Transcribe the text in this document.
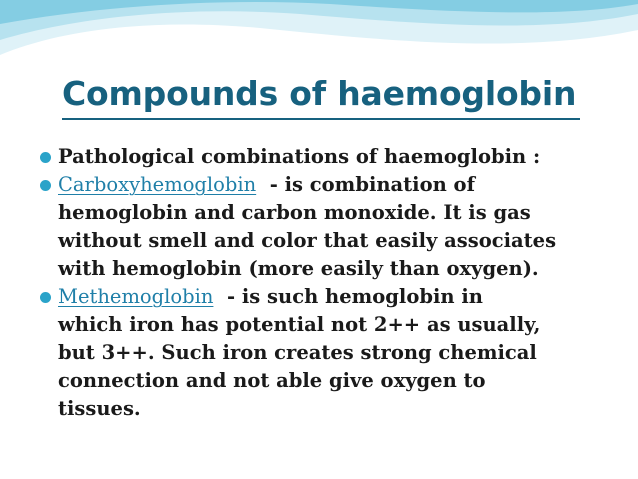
Compounds of haemoglobin
Pathological combinations of haemoglobin :
Carboxyhemoglobin  - is combination of
hemoglobin and carbon monoxide. It is gas
without smell and color that easily associates
with hemoglobin (more easily than oxygen).
Methemoglobin  - is such hemoglobin in
which iron has potential not 2++ as usually,
but 3++. Such iron creates strong chemical
connection and not able give oxygen to
tissues.
